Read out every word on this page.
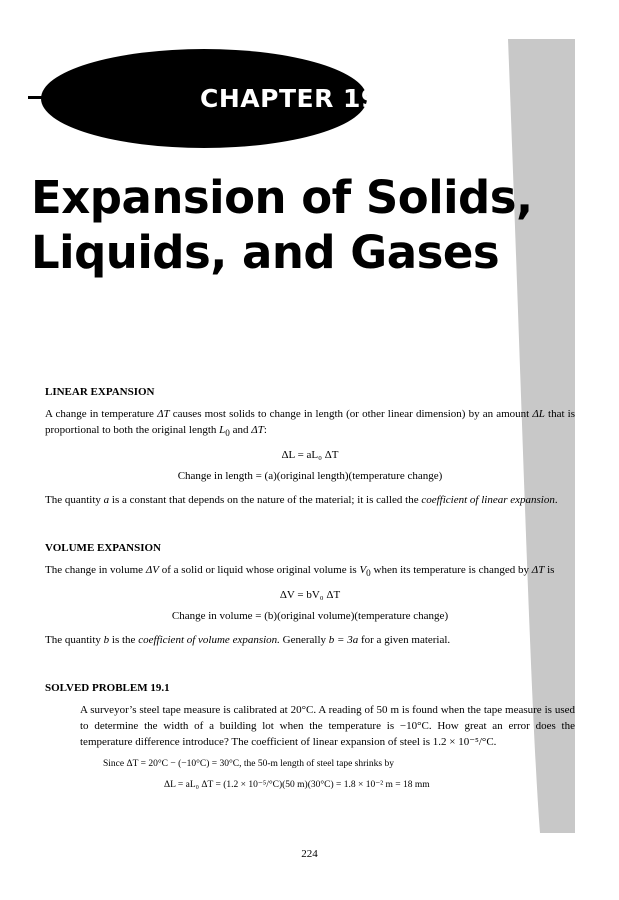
CHAPTER 19
Expansion of Solids,
Liquids, and Gases
LINEAR EXPANSION

A change in temperature ΔT causes most solids to change in length (or other linear dimension) by an amount ΔL that is proportional to both the original length $L_0$ and ΔT:

ΔL = aL₀ ΔT
Change in length = (a)(original length)(temperature change)

The quantity a is a constant that depends on the nature of the material; it is called the coefficient of linear expansion.

VOLUME EXPANSION

The change in volume ΔV of a solid or liquid whose original volume is $V_0$ when its temperature is changed by ΔT is

ΔV = bV₀ ΔT
Change in volume = (b)(original volume)(temperature change)

The quantity b is the coefficient of volume expansion. Generally b = 3a for a given material.

SOLVED PROBLEM 19.1

A surveyor’s steel tape measure is calibrated at 20°C. A reading of 50 m is found when the tape measure is used to determine the width of a building lot when the temperature is −10°C. How great an error does the temperature difference introduce? The coefficient of linear expansion of steel is 1.2 × 10⁻⁵/°C.

Since ΔT = 20°C − (−10°C) = 30°C, the 50-m length of steel tape shrinks by
ΔL = aL₀ ΔT = (1.2 × 10⁻⁵/°C)(50 m)(30°C) = 1.8 × 10⁻² m = 18 mm
224
